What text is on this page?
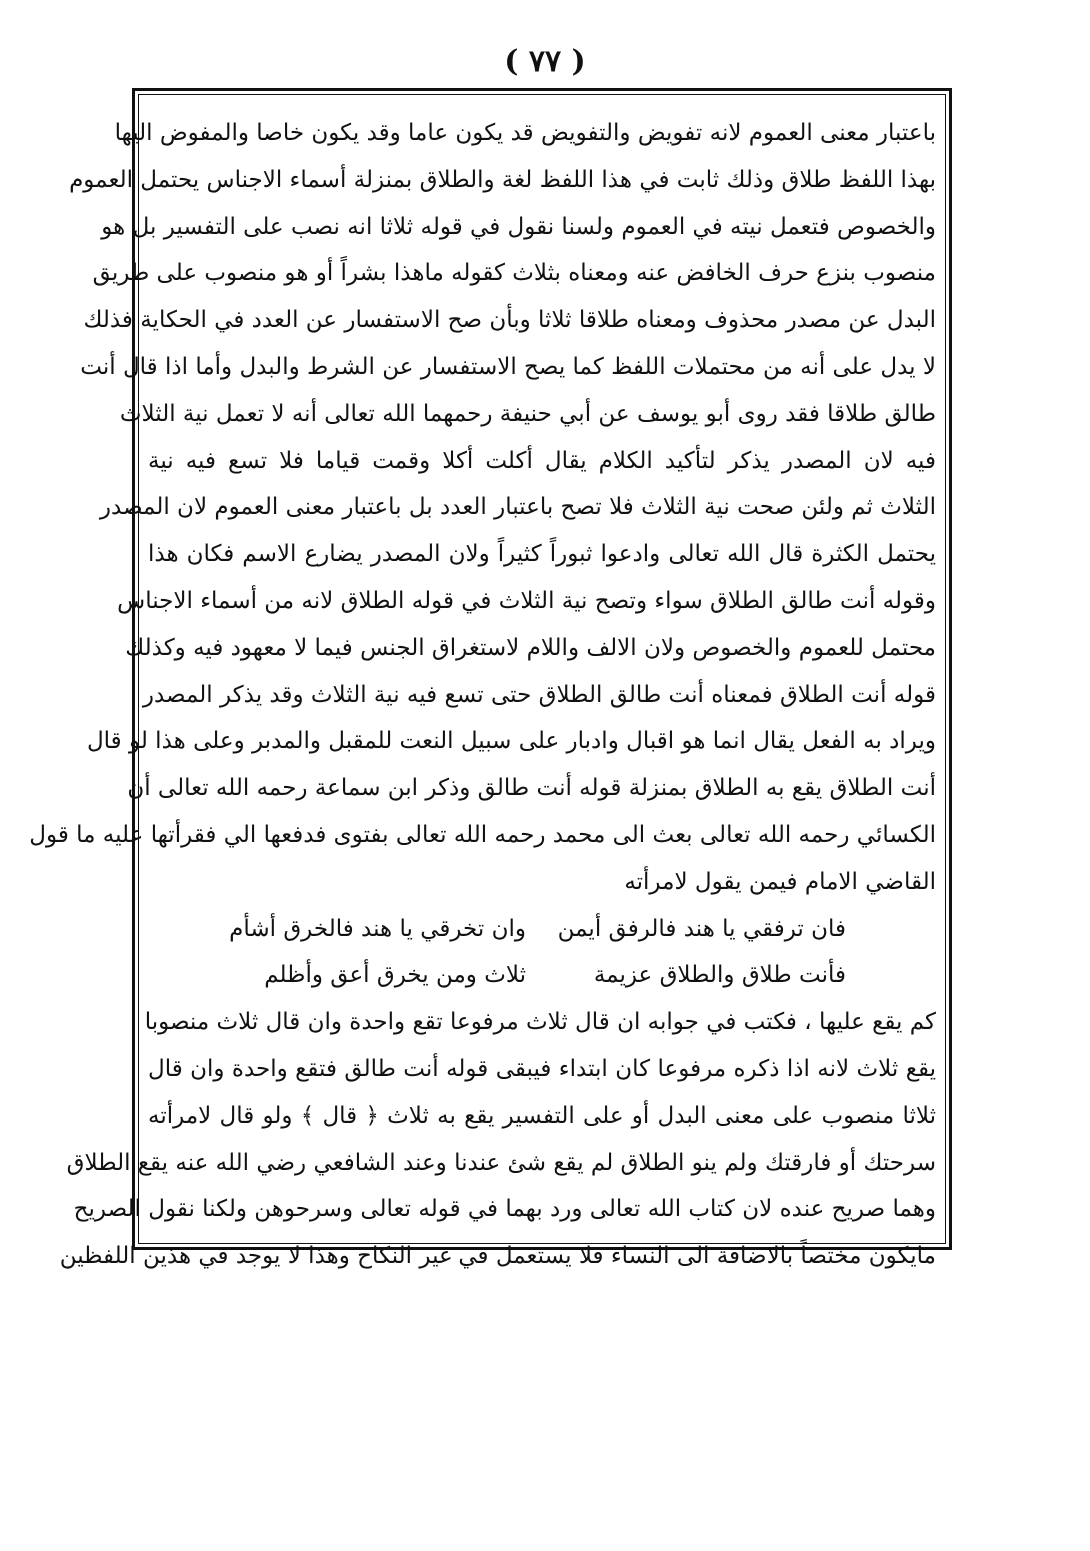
( ٧٧ )
باعتبار معنى العموم لانه تفويض والتفويض قد يكون عاما وقد يكون خاصا والمفوض اليها
بهذا اللفظ طلاق وذلك ثابت في هذا اللفظ لغة والطلاق بمنزلة أسماء الاجناس يحتمل العموم
والخصوص فتعمل نيته في العموم ولسنا نقول في قوله ثلاثا انه نصب على التفسير بل هو
منصوب بنزع حرف الخافض عنه ومعناه بثلاث كقوله ماهذا بشراً أو هو منصوب على طريق
البدل عن مصدر محذوف ومعناه طلاقا ثلاثا وبأن صح الاستفسار عن العدد في الحكاية فذلك
لا يدل على أنه من محتملات اللفظ كما يصح الاستفسار عن الشرط والبدل وأما اذا قال أنت
طالق طلاقا فقد روى أبو يوسف عن أبي حنيفة رحمهما الله تعالى أنه لا تعمل نية الثلاث
فيه لان المصدر يذكر لتأكيد الكلام يقال أكلت أكلا وقمت قياما فلا تسع فيه نية
الثلاث ثم ولئن صحت نية الثلاث فلا تصح باعتبار العدد بل باعتبار معنى العموم لان المصدر
يحتمل الكثرة قال الله تعالى وادعوا ثبوراً كثيراً ولان المصدر يضارع الاسم فكان هذا
وقوله أنت طالق الطلاق سواء وتصح نية الثلاث في قوله الطلاق لانه من أسماء الاجناس
محتمل للعموم والخصوص ولان الالف واللام لاستغراق الجنس فيما لا معهود فيه وكذلك
قوله أنت الطلاق فمعناه أنت طالق الطلاق حتى تسع فيه نية الثلاث وقد يذكر المصدر
ويراد به الفعل يقال انما هو اقبال وادبار على سبيل النعت للمقبل والمدبر وعلى هذا لو قال
أنت الطلاق يقع به الطلاق بمنزلة قوله أنت طالق وذكر ابن سماعة رحمه الله تعالى أن
الكسائي رحمه الله تعالى بعث الى محمد رحمه الله تعالى بفتوى فدفعها الي فقرأتها عليه ما قول
القاضي الامام فيمن يقول لامرأته
فان ترفقي يا هند فالرفق أيمن
وان تخرقي يا هند فالخرق أشأم
فأنت طلاق والطلاق عزيمة
ثلاث ومن يخرق أعق وأظلم
كم يقع عليها ، فكتب في جوابه ان قال ثلاث مرفوعا تقع واحدة وان قال ثلاث منصوبا
يقع ثلاث لانه اذا ذكره مرفوعا كان ابتداء فيبقى قوله أنت طالق فتقع واحدة وان قال
ثلاثا منصوب على معنى البدل أو على التفسير يقع به ثلاث ﴿ قال ﴾ ولو قال لامرأته
سرحتك أو فارقتك ولم ينو الطلاق لم يقع شئ عندنا وعند الشافعي رضي الله عنه يقع الطلاق
وهما صريح عنده لان كتاب الله تعالى ورد بهما في قوله تعالى وسرحوهن ولكنا نقول الصريح
مايكون مختصاً بالاضافة الى النساء فلا يستعمل في غير النكاح وهذا لا يوجد في هذين اللفظين
